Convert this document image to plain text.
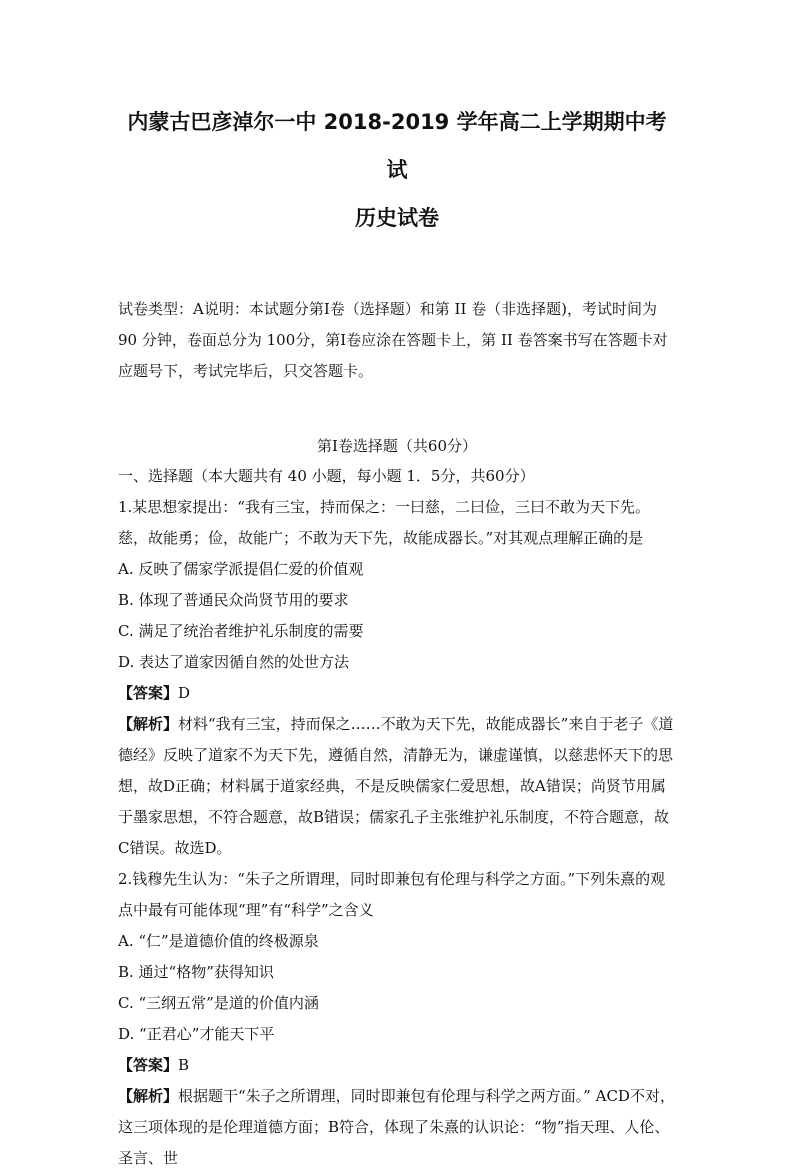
内蒙古巴彦淖尔一中 2018-2019 学年高二上学期期中考试
历史试卷

试卷类型：A说明：本试题分第Ⅰ卷（选择题）和第 II 卷（非选择题)，考试时间为 90 分钟，卷面总分为 100分，第Ⅰ卷应涂在答题卡上，第 II 卷答案书写在答题卡对应题号下，考试完毕后，只交答题卡。

第Ⅰ卷选择题（共60分）

一、选择题（本大题共有 40 小题，每小题 1．5分，共60分）

1.某思想家提出：“我有三宝，持而保之：一曰慈，二曰俭，三曰不敢为天下先。慈，故能勇；俭，故能广；不敢为天下先，故能成器长。”对其观点理解正确的是

A. 反映了儒家学派提倡仁爱的价值观

B. 体现了普通民众尚贤节用的要求

C. 满足了统治者维护礼乐制度的需要

D. 表达了道家因循自然的处世方法

【答案】D

【解析】材料“我有三宝，持而保之……不敢为天下先，故能成器长”来自于老子《道德经》反映了道家不为天下先，遵循自然，清静无为，谦虚谨慎，以慈悲怀天下的思想，故D正确；材料属于道家经典，不是反映儒家仁爱思想，故A错误；尚贤节用属于墨家思想，不符合题意，故B错误；儒家孔子主张维护礼乐制度，不符合题意，故C错误。故选D。

2.钱穆先生认为：“朱子之所谓理，同时即兼包有伦理与科学之方面。”下列朱熹的观点中最有可能体现“理”有“科学”之含义

A. “仁”是道德价值的终极源泉

B. 通过“格物”获得知识

C. “三纲五常”是道的价值内涵

D. “正君心”才能天下平

【答案】B

【解析】根据题干“朱子之所谓理，同时即兼包有伦理与科学之两方面。” ACD不对，这三项体现的是伦理道德方面；B符合，体现了朱熹的认识论：“物”指天理、人伦、圣言、世
